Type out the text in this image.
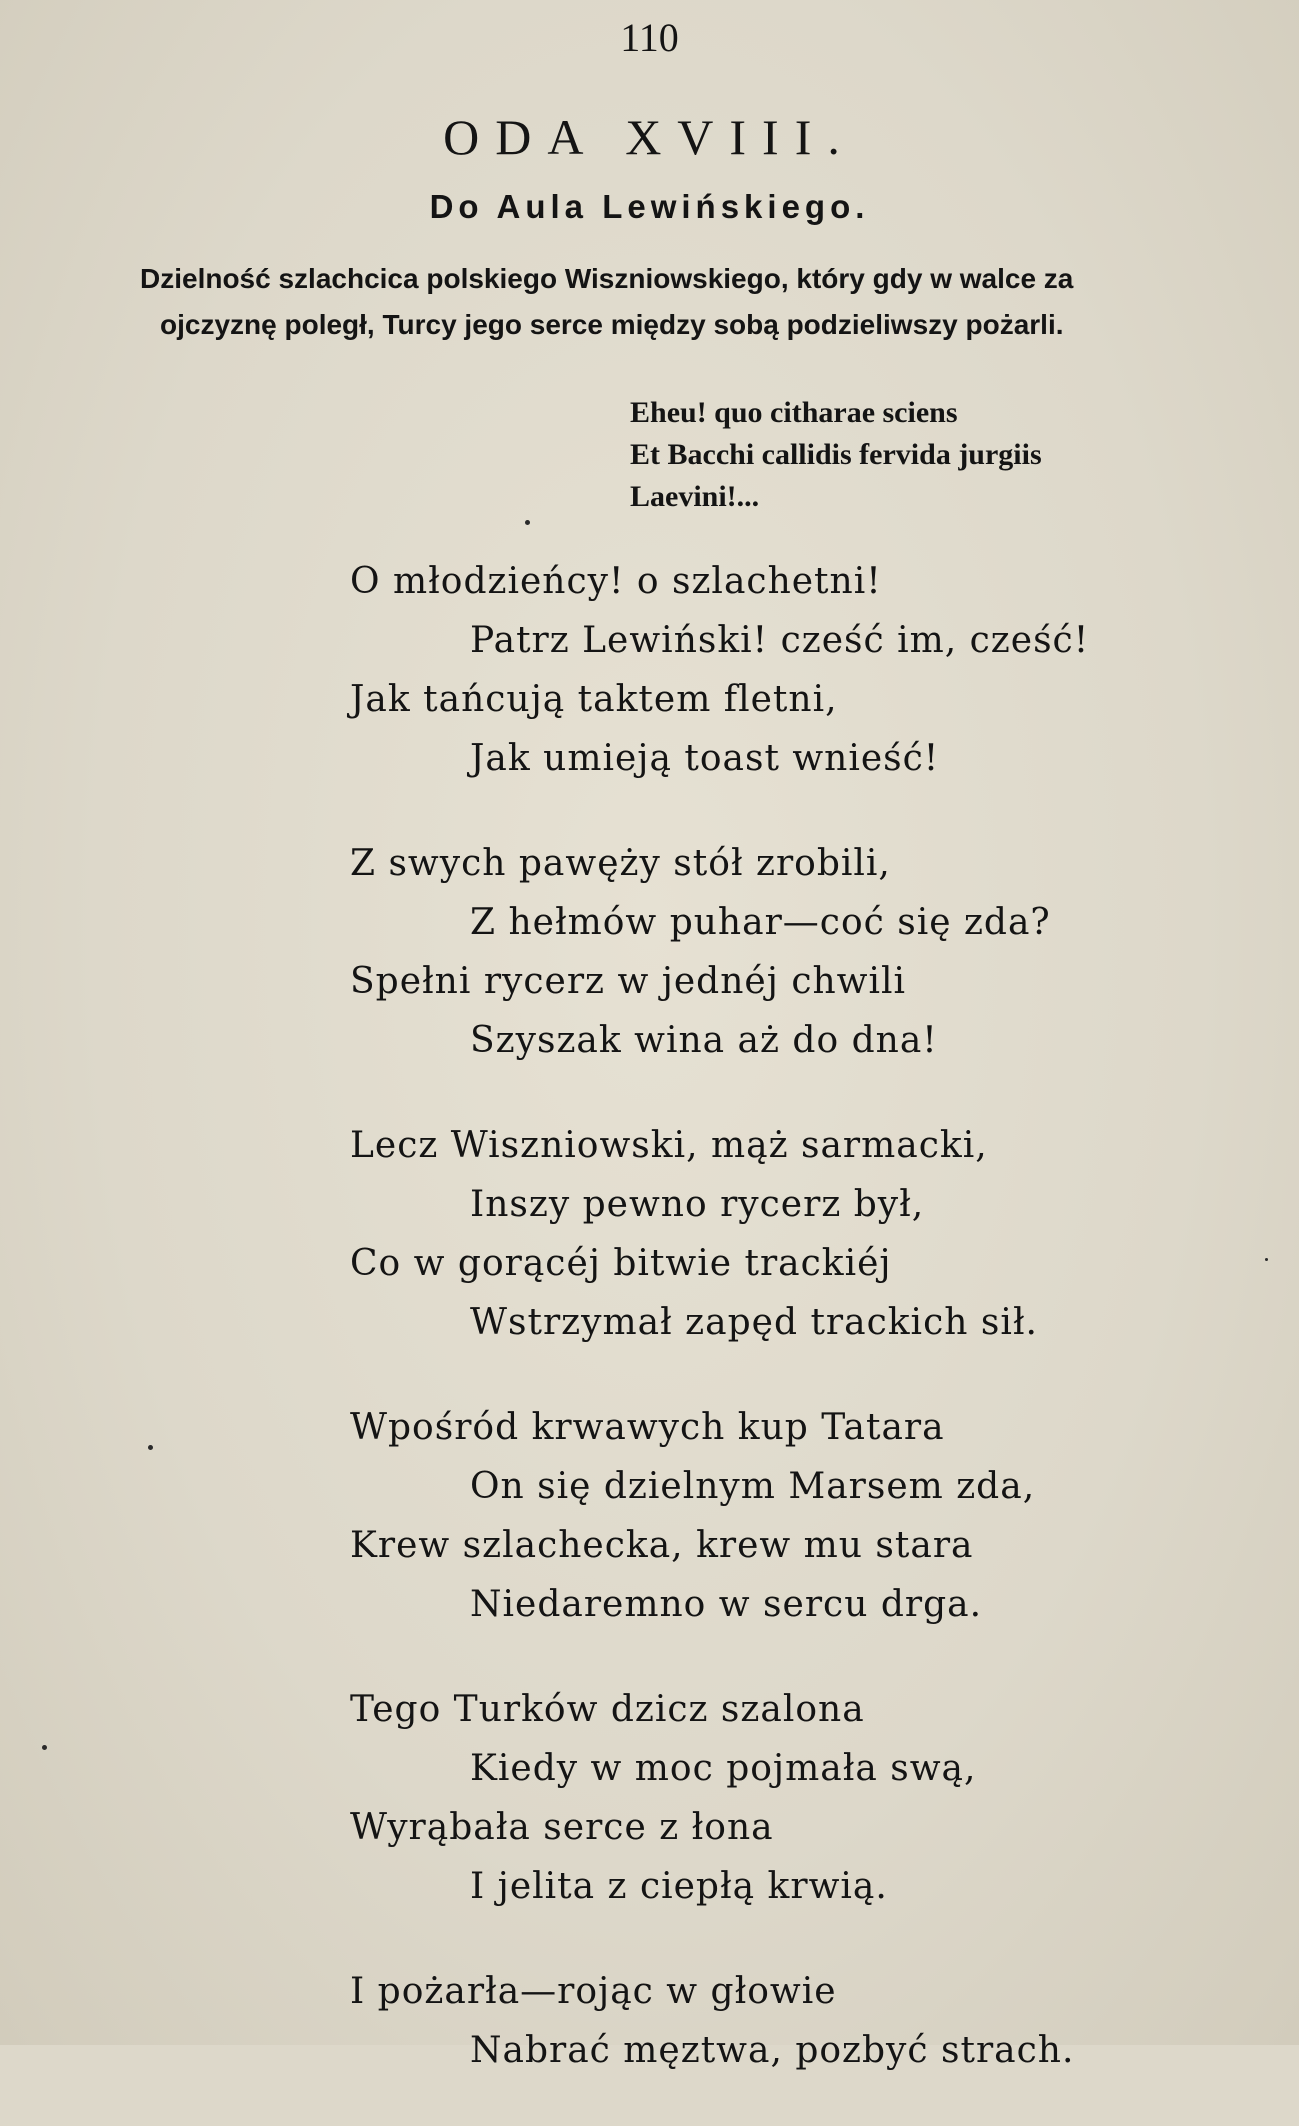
110
ODA XVIII.
Do Aula Lewińskiego.
Dzielność szlachcica polskiego Wiszniowskiego, który gdy w walce za
ojczyznę poległ, Turcy jego serce między sobą podzieliwszy pożarli.
Eheu! quo citharae sciens
Et Bacchi callidis fervida jurgiis
Laevini!...
O młodzieńcy! o szlachetni!
Patrz Lewiński! cześć im, cześć!
Jak tańcują taktem fletni,
Jak umieją toast wnieść!
Z swych pawęży stół zrobili,
Z hełmów puhar—coć się zda?
Spełni rycerz w jednéj chwili
Szyszak wina aż do dna!
Lecz Wiszniowski, mąż sarmacki,
Inszy pewno rycerz był,
Co w gorącéj bitwie trackiéj
Wstrzymał zapęd trackich sił.
Wpośród krwawych kup Tatara
On się dzielnym Marsem zda,
Krew szlachecka, krew mu stara
Niedaremno w sercu drga.
Tego Turków dzicz szalona
Kiedy w moc pojmała swą,
Wyrąbała serce z łona
I jelita z ciepłą krwią.
I pożarła—rojąc w głowie
Nabrać męztwa, pozbyć strach.
